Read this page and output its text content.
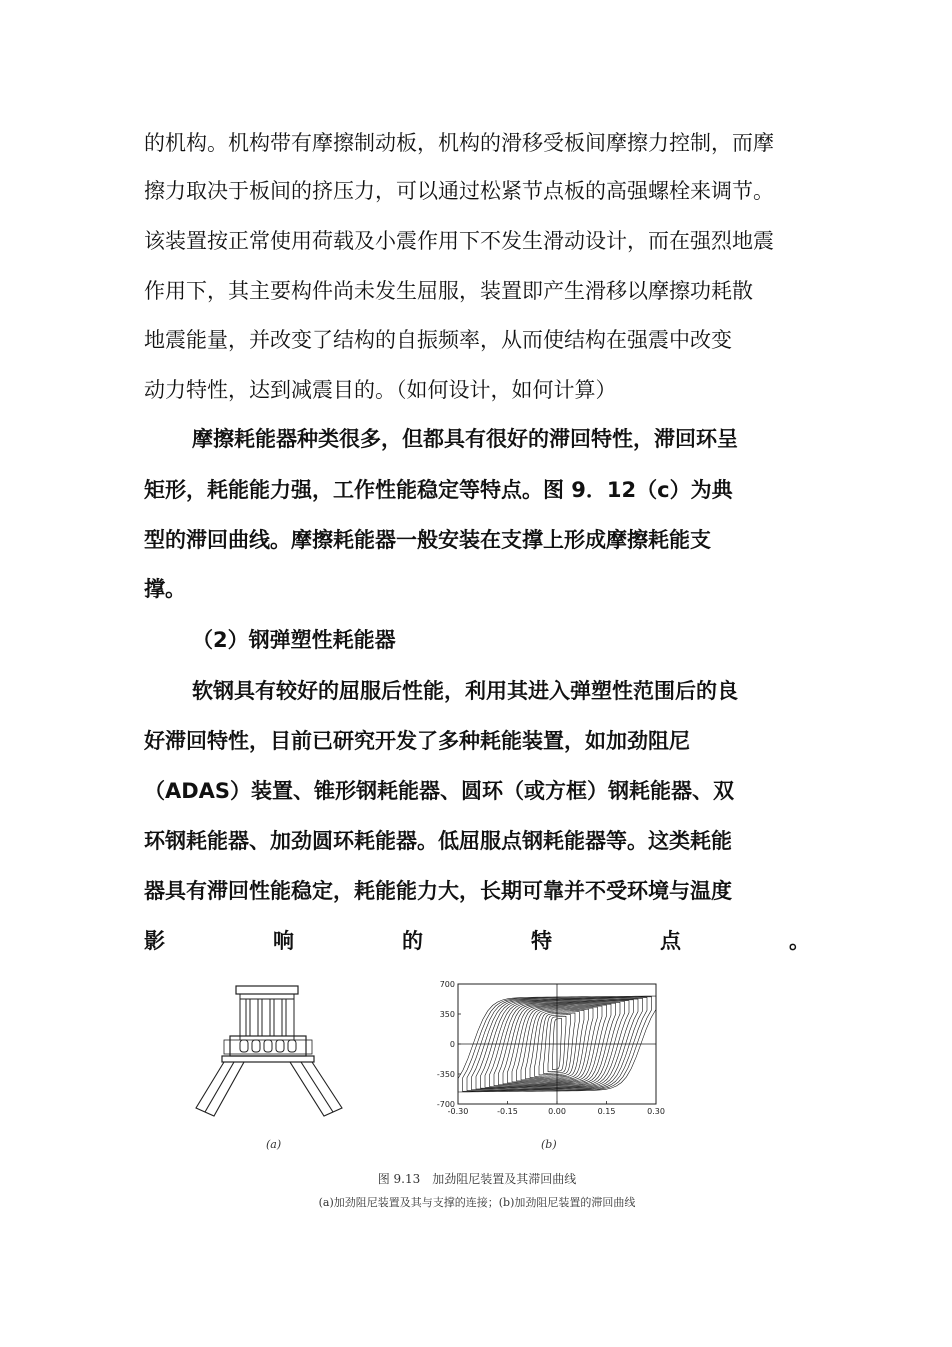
的机构。机构带有摩擦制动板，机构的滑移受板间摩擦力控制，而摩
擦力取决于板间的挤压力，可以通过松紧节点板的高强螺栓来调节。
该装置按正常使用荷载及小震作用下不发生滑动设计，而在强烈地震
作用下，其主要构件尚未发生屈服，装置即产生滑移以摩擦功耗散
地震能量，并改变了结构的自振频率，从而使结构在强震中改变
动力特性，达到减震目的。（如何设计，如何计算）
摩擦耗能器种类很多，但都具有很好的滞回特性，滞回环呈
矩形，耗能能力强，工作性能稳定等特点。图 9．12（c）为典
型的滞回曲线。摩擦耗能器一般安装在支撑上形成摩擦耗能支
撑。
（2）钢弹塑性耗能器
软钢具有较好的屈服后性能，利用其进入弹塑性范围后的良
好滞回特性，目前已研究开发了多种耗能装置，如加劲阻尼
（ADAS）装置、锥形钢耗能器、圆环（或方框）钢耗能器、双
环钢耗能器、加劲圆环耗能器。低屈服点钢耗能器等。这类耗能
器具有滞回性能稳定，耗能能力大，长期可靠并不受环境与温度
影	响	的	特	点	。
700
350
0
-350
-700
-0.30	-0.15	0.00	0.15	0.30
(a)	(b)
图 9.13　加劲阻尼装置及其滞回曲线
(a)加劲阻尼装置及其与支撑的连接；(b)加劲阻尼装置的滞回曲线
